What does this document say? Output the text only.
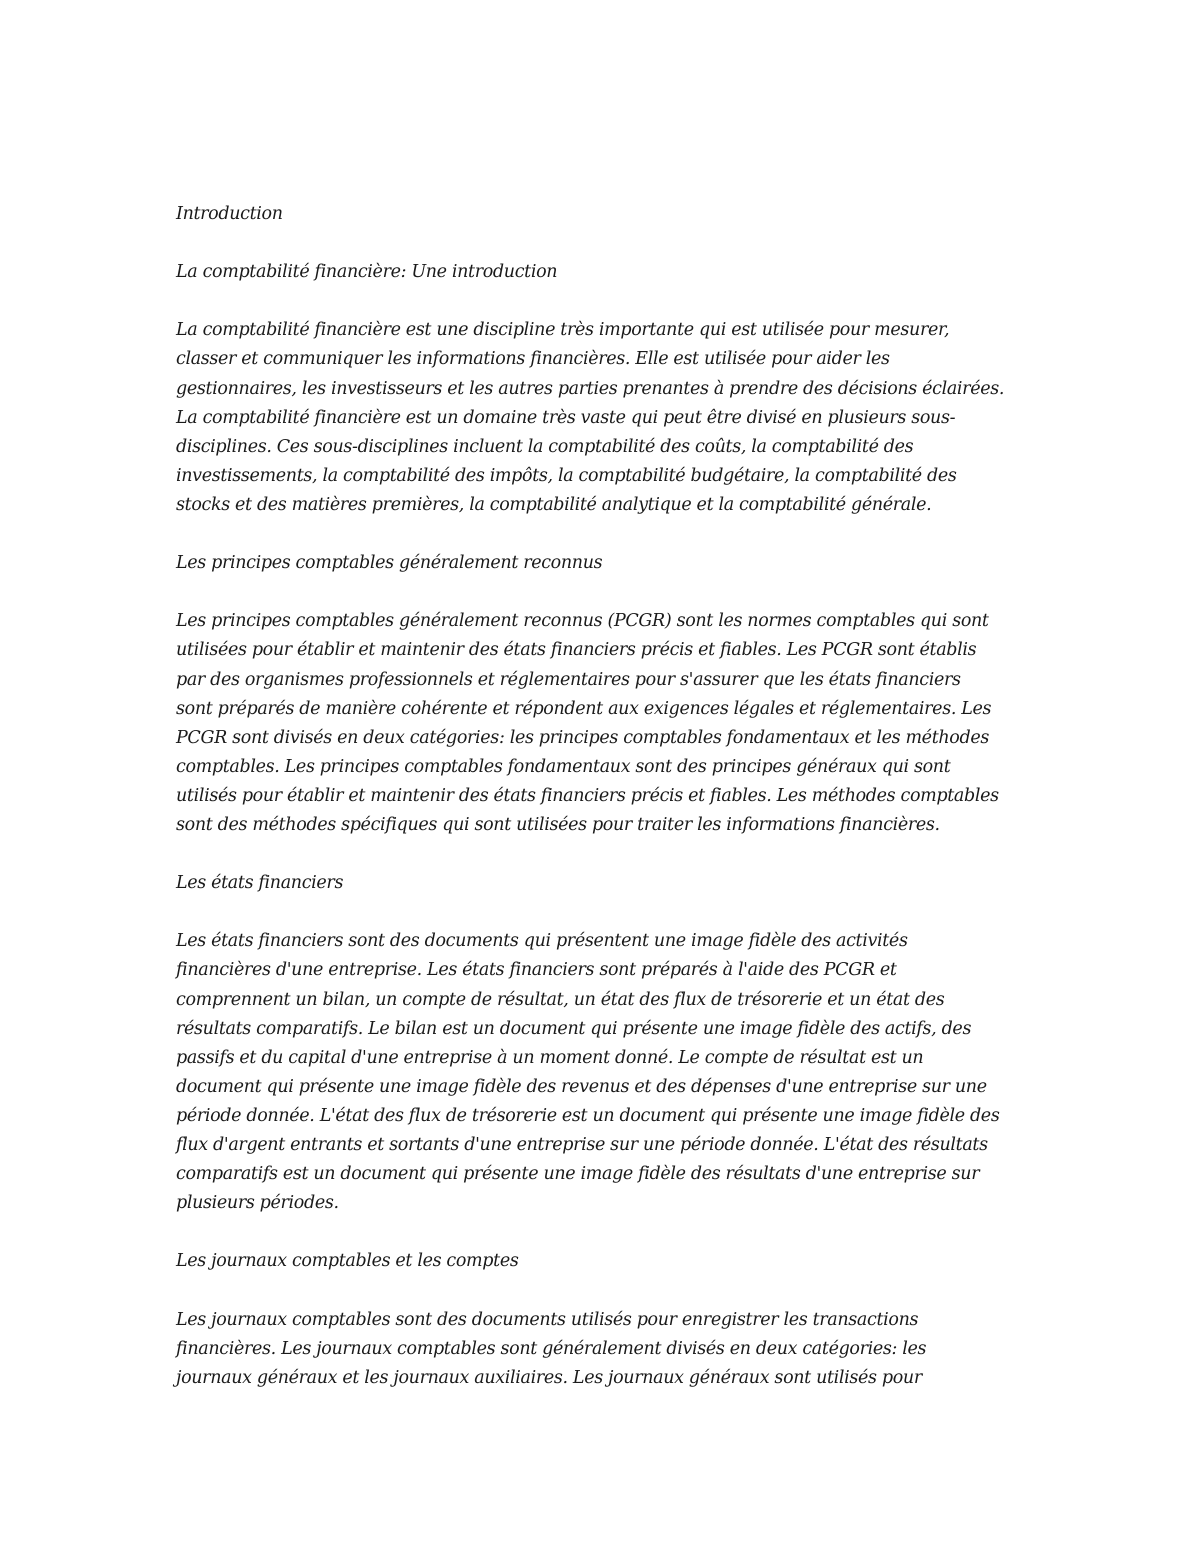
Introduction
La comptabilité financière: Une introduction
La comptabilité financière est une discipline très importante qui est utilisée pour mesurer,
classer et communiquer les informations financières. Elle est utilisée pour aider les
gestionnaires, les investisseurs et les autres parties prenantes à prendre des décisions éclairées.
La comptabilité financière est un domaine très vaste qui peut être divisé en plusieurs sous-
disciplines. Ces sous-disciplines incluent la comptabilité des coûts, la comptabilité des
investissements, la comptabilité des impôts, la comptabilité budgétaire, la comptabilité des
stocks et des matières premières, la comptabilité analytique et la comptabilité générale.
Les principes comptables généralement reconnus
Les principes comptables généralement reconnus (PCGR) sont les normes comptables qui sont
utilisées pour établir et maintenir des états financiers précis et fiables. Les PCGR sont établis
par des organismes professionnels et réglementaires pour s'assurer que les états financiers
sont préparés de manière cohérente et répondent aux exigences légales et réglementaires. Les
PCGR sont divisés en deux catégories: les principes comptables fondamentaux et les méthodes
comptables. Les principes comptables fondamentaux sont des principes généraux qui sont
utilisés pour établir et maintenir des états financiers précis et fiables. Les méthodes comptables
sont des méthodes spécifiques qui sont utilisées pour traiter les informations financières.
Les états financiers
Les états financiers sont des documents qui présentent une image fidèle des activités
financières d'une entreprise. Les états financiers sont préparés à l'aide des PCGR et
comprennent un bilan, un compte de résultat, un état des flux de trésorerie et un état des
résultats comparatifs. Le bilan est un document qui présente une image fidèle des actifs, des
passifs et du capital d'une entreprise à un moment donné. Le compte de résultat est un
document qui présente une image fidèle des revenus et des dépenses d'une entreprise sur une
période donnée. L'état des flux de trésorerie est un document qui présente une image fidèle des
flux d'argent entrants et sortants d'une entreprise sur une période donnée. L'état des résultats
comparatifs est un document qui présente une image fidèle des résultats d'une entreprise sur
plusieurs périodes.
Les journaux comptables et les comptes
Les journaux comptables sont des documents utilisés pour enregistrer les transactions
financières. Les journaux comptables sont généralement divisés en deux catégories: les
journaux généraux et les journaux auxiliaires. Les journaux généraux sont utilisés pour
